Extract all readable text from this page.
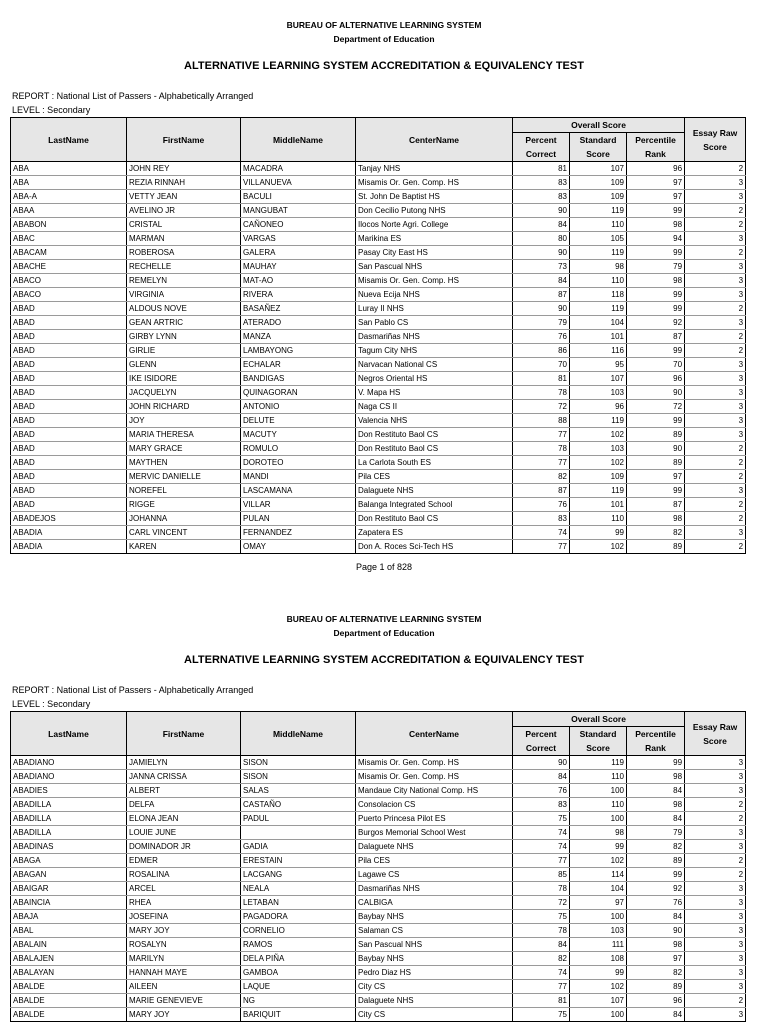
BUREAU OF ALTERNATIVE LEARNING SYSTEM
Department of Education
ALTERNATIVE LEARNING SYSTEM ACCREDITATION & EQUIVALENCY TEST
REPORT : National List of Passers - Alphabetically Arranged
LEVEL : Secondary
LastName	FirstName	MiddleName	CenterName	Overall Score			Essay Raw Score
				Percent Correct	Standard Score	Percentile Rank	
ABA	JOHN REY	MACADRA	Tanjay NHS	81	107	96	2
ABA	REZIA RINNAH	VILLANUEVA	Misamis Or. Gen. Comp. HS	83	109	97	3
ABA-A	VETTY JEAN	BACULI	St. John De Baptist HS	83	109	97	3
ABAA	AVELINO JR	MANGUBAT	Don Cecilio Putong NHS	90	119	99	2
ABABON	CRISTAL	CAÑONEO	Ilocos Norte Agri. College	84	110	98	2
ABAC	MARMAN	VARGAS	Marikina ES	80	105	94	3
ABACAM	ROBEROSA	GALERA	Pasay City East HS	90	119	99	2
ABACHE	RECHELLE	MAUHAY	San Pascual NHS	73	98	79	3
ABACO	REMELYN	MAT-AO	Misamis Or. Gen. Comp. HS	84	110	98	3
ABACO	VIRGINIA	RIVERA	Nueva Ecija NHS	87	118	99	3
ABAD	ALDOUS NOVE	BASAÑEZ	Luray II NHS	90	119	99	2
ABAD	GEAN ARTRIC	ATERADO	San Pablo CS	79	104	92	3
ABAD	GIRBY LYNN	MANZA	Dasmariñas NHS	76	101	87	2
ABAD	GIRLIE	LAMBAYONG	Tagum City NHS	86	116	99	2
ABAD	GLENN	ECHALAR	Narvacan National CS	70	95	70	3
ABAD	IKE ISIDORE	BANDIGAS	Negros Oriental HS	81	107	96	3
ABAD	JACQUELYN	QUINAGORAN	V. Mapa HS	78	103	90	3
ABAD	JOHN RICHARD	ANTONIO	Naga CS II	72	96	72	3
ABAD	JOY	DELUTE	Valencia NHS	88	119	99	3
ABAD	MARIA THERESA	MACUTY	Don Restituto Baol CS	77	102	89	3
ABAD	MARY GRACE	ROMULO	Don Restituto Baol CS	78	103	90	2
ABAD	MAYTHEN	DOROTEO	La Carlota South ES	77	102	89	2
ABAD	MERVIC DANIELLE	MANDI	Pila CES	82	109	97	2
ABAD	NOREFEL	LASCAMANA	Dalaguete NHS	87	119	99	3
ABAD	RIGGE	VILLAR	Balanga Integrated School	76	101	87	2
ABADEJOS	JOHANNA	PULAN	Don Restituto Baol CS	83	110	98	2
ABADIA	CARL VINCENT	FERNANDEZ	Zapatera ES	74	99	82	3
ABADIA	KAREN	OMAY	Don A. Roces Sci-Tech HS	77	102	89	2
Page 1 of 828
BUREAU OF ALTERNATIVE LEARNING SYSTEM
Department of Education
ALTERNATIVE LEARNING SYSTEM ACCREDITATION & EQUIVALENCY TEST
REPORT : National List of Passers - Alphabetically Arranged
LEVEL : Secondary
LastName	FirstName	MiddleName	CenterName	Overall Score			Essay Raw Score
				Percent Correct	Standard Score	Percentile Rank	
ABADIANO	JAMIELYN	SISON	Misamis Or. Gen. Comp. HS	90	119	99	3
ABADIANO	JANNA CRISSA	SISON	Misamis Or. Gen. Comp. HS	84	110	98	3
ABADIES	ALBERT	SALAS	Mandaue City National Comp. HS	76	100	84	3
ABADILLA	DELFA	CASTAÑO	Consolacion CS	83	110	98	2
ABADILLA	ELONA JEAN	PADUL	Puerto Princesa Pilot ES	75	100	84	2
ABADILLA	LOUIE JUNE		Burgos Memorial School West	74	98	79	3
ABADINAS	DOMINADOR JR	GADIA	Dalaguete NHS	74	99	82	3
ABAGA	EDMER	ERESTAIN	Pila CES	77	102	89	2
ABAGAN	ROSALINA	LACGANG	Lagawe CS	85	114	99	2
ABAIGAR	ARCEL	NEALA	Dasmariñas NHS	78	104	92	3
ABAINCIA	RHEA	LETABAN	CALBIGA	72	97	76	3
ABAJA	JOSEFINA	PAGADORA	Baybay NHS	75	100	84	3
ABAL	MARY JOY	CORNELIO	Salaman CS	78	103	90	3
ABALAIN	ROSALYN	RAMOS	San Pascual NHS	84	111	98	3
ABALAJEN	MARILYN	DELA PIÑA	Baybay NHS	82	108	97	3
ABALAYAN	HANNAH MAYE	GAMBOA	Pedro Diaz HS	74	99	82	3
ABALDE	AILEEN	LAQUE	City CS	77	102	89	3
ABALDE	MARIE GENEVIEVE	NG	Dalaguete NHS	81	107	96	2
ABALDE	MARY JOY	BARIQUIT	City CS	75	100	84	3
